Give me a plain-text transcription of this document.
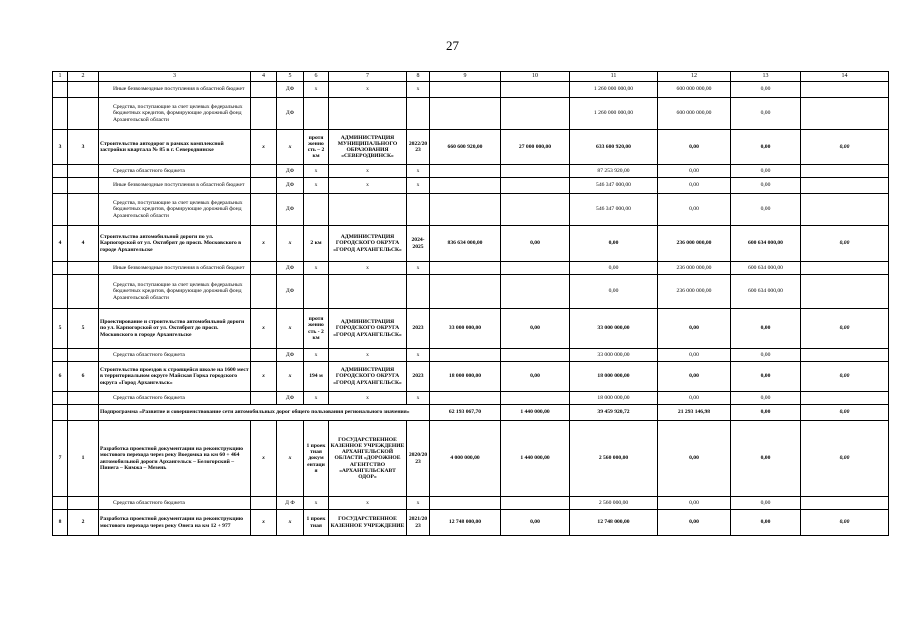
27
1	2	3	4	5	6	7	8	9	10	11	12	13	14
		Иные безвозмездные поступления в областной бюджет		ДФ	х	х	х			1 260 000 000,00	600 000 000,00	0,00	
		Средства, поступающие за счет целевых федеральных бюджетных кредитов, формирующие дорожный фонд Архангельской области		ДФ						1 260 000 000,00	600 000 000,00	0,00	
3	3	Строительство автодорог в рамках комплексной застройки квартала № 85 в г. Северодвинске	х	х	протя женно сть – 2 км	АДМИНИСТРАЦИЯ МУНИЦИПАЛЬНОГО ОБРАЗОВАНИЯ «СЕВЕРОДВИНСК»	2022/20 23	660 600 920,00	27 000 000,00	633 600 920,00	0,00	0,00	0,00
		Средства областного бюджета		ДФ	х	х	х			87 253 920,00	0,00	0,00	
		Иные безвозмездные поступления в областной бюджет		ДФ	х	х	х			546 347 000,00	0,00	0,00	
		Средства, поступающие за счет целевых федеральных бюджетных кредитов, формирующие дорожный фонд Архангельской области		ДФ						546 347 000,00	0,00	0,00	
4	4	Строительство автомобильной дороги по ул. Карпогорской от ул. Октябрят до просп. Московского в городе Архангельске	х	х	2 км	АДМИНИСТРАЦИЯ ГОРОДСКОГО ОКРУГА «ГОРОД АРХАНГЕЛЬСК»	2024-2025	836 634 000,00	0,00	0,00	236 000 000,00	600 634 000,00	0,00
		Иные безвозмездные поступления в областной бюджет		ДФ	х	х	х			0,00	236 000 000,00	600 634 000,00	
		Средства, поступающие за счет целевых федеральных бюджетных кредитов, формирующие дорожный фонд Архангельской области		ДФ						0,00	236 000 000,00	600 634 000,00	
5	5	Проектирование и строительство автомобильной дороги по ул. Карпогорской от ул. Октябрят до просп. Московского в городе Архангельске	х	х	протя женно сть - 2 км	АДМИНИСТРАЦИЯ ГОРОДСКОГО ОКРУГА «ГОРОД АРХАНГЕЛЬСК»	2023	33 000 000,00	0,00	33 000 000,00	0,00	0,00	0,00
		Средства областного бюджета		ДФ	х	х	х			33 000 000,00	0,00	0,00	
6	6	Строительство проездов к строящейся школе на 1600 мест в территориальном округе Майская Горка городского округа «Город Архангельск»	х	х	194 м	АДМИНИСТРАЦИЯ ГОРОДСКОГО ОКРУГА «ГОРОД АРХАНГЕЛЬСК»	2023	18 000 000,00	0,00	18 000 000,00	0,00	0,00	0,00
		Средства областного бюджета		ДФ	х	х	х			18 000 000,00	0,00	0,00	
		Подпрограмма «Развитие и совершенствование сети автомобильных дорог общего пользования регионального значения»						62 193 067,70	1 440 000,00	39 459 920,72	21 293 146,98	0,00	0,00
7	1	Разработка проектной документации на реконструкцию мостового перехода через реку Воедомка на км 60 + 464 автомобильной дороги Архангельск – Белогорский – Пинега – Кимжа – Мезень	х	х	1 проек тная докум ентаци я	ГОСУДАРСТВЕННОЕ КАЗЕННОЕ УЧРЕЖДЕНИЕ АРХАНГЕЛЬСКОЙ ОБЛАСТИ «ДОРОЖНОЕ АГЕНТСТВО «АРХАНГЕЛЬСКАВТ ОДОР»	2020/20 23	4 000 000,00	1 440 000,00	2 560 000,00	0,00	0,00	0,00
		Средства областного бюджета		Д Ф	х	х	х			2 560 000,00	0,00	0,00	
8	2	Разработка проектной документации на реконструкцию мостового перехода через реку Онега на км 12 + 977	х	х	1 проек тная	ГОСУДАРСТВЕННОЕ КАЗЕННОЕ УЧРЕЖДЕНИЕ	2021/20 23	12 748 000,00	0,00	12 748 000,00	0,00	0,00	0,00
